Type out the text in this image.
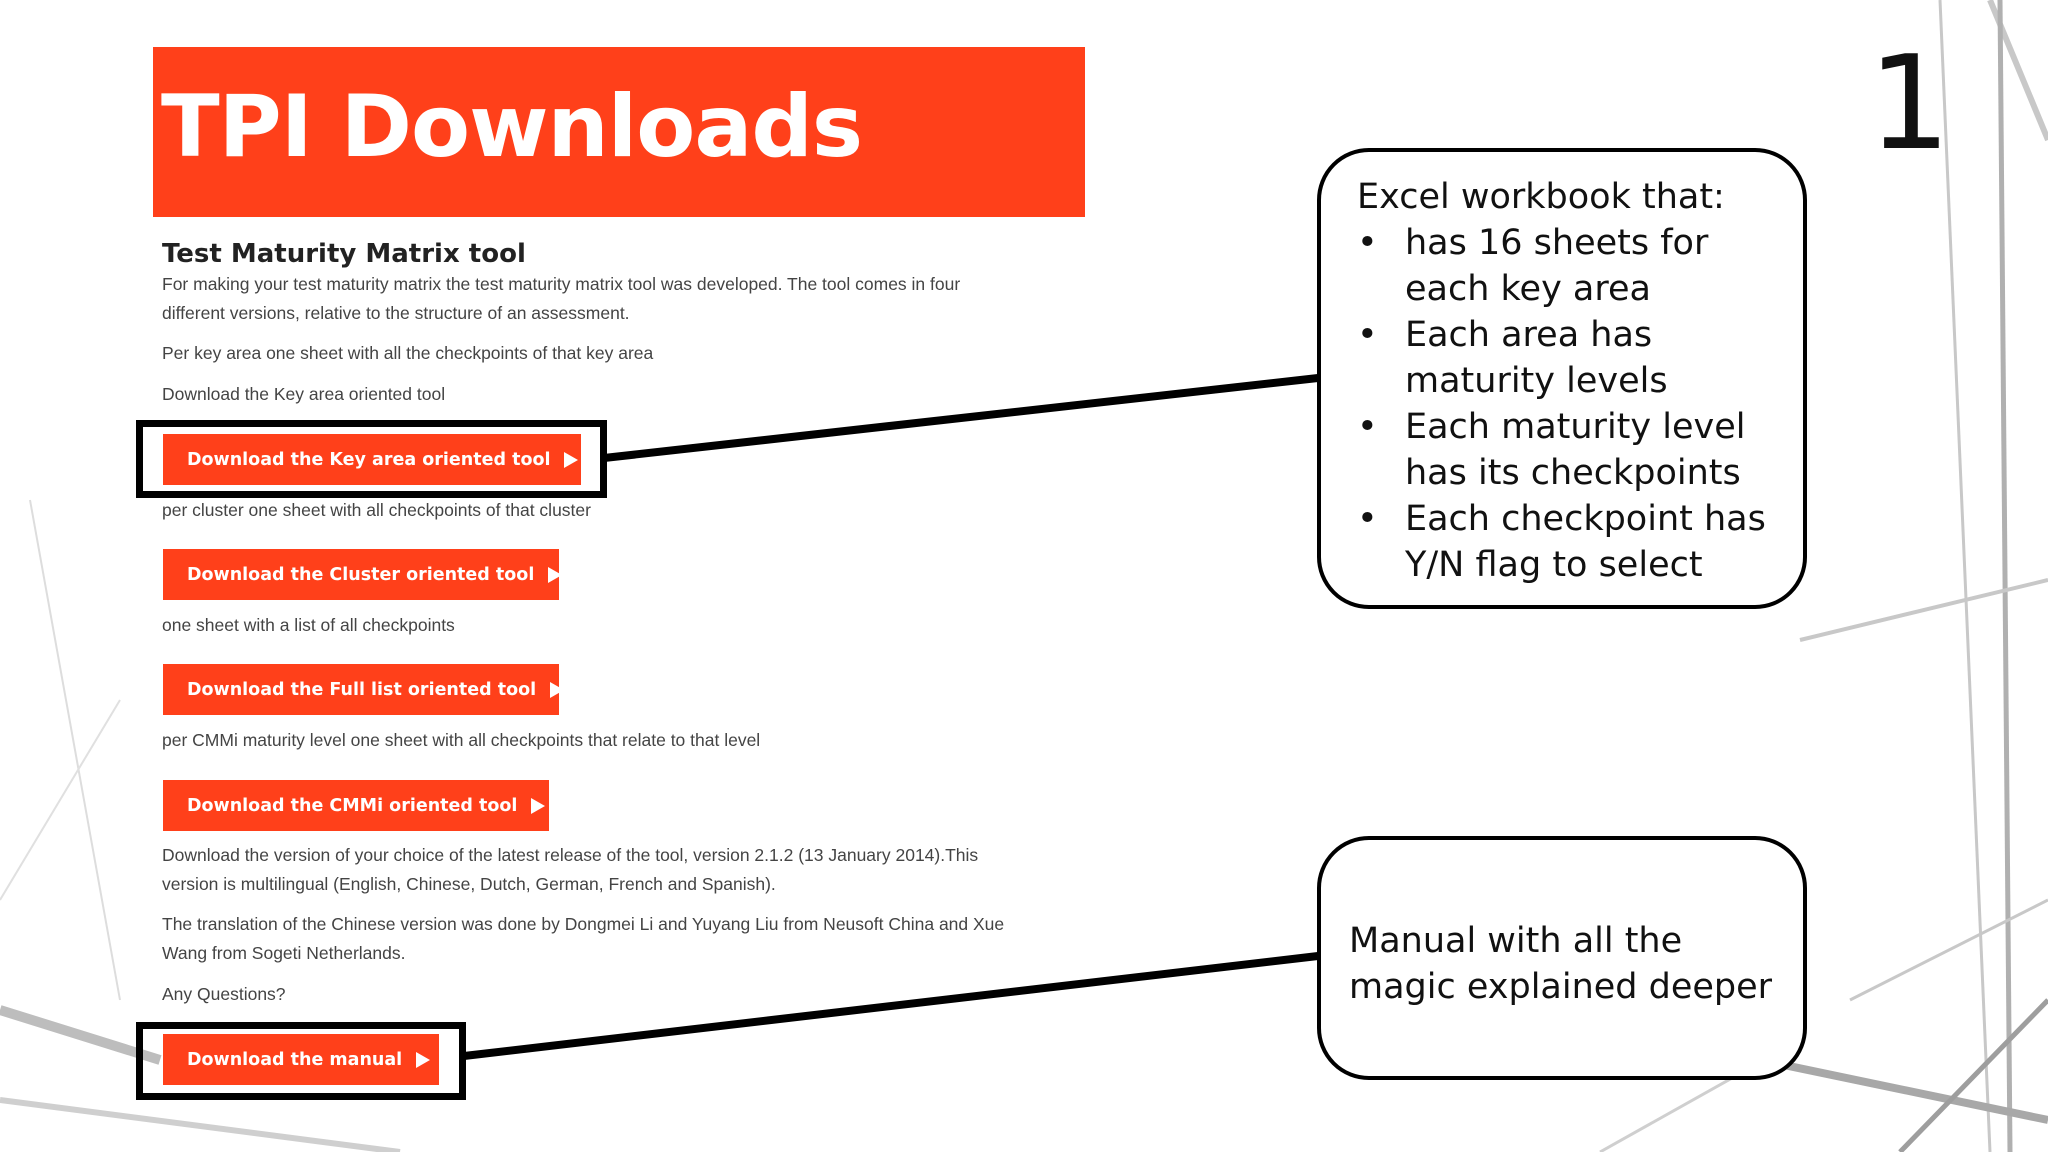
TPI Downloads	1
Test Maturity Matrix tool
For making your test maturity matrix the test maturity matrix tool was developed. The tool comes in four
different versions, relative to the structure of an assessment.
Per key area one sheet with all the checkpoints of that key area
Download the Key area oriented tool
Download the Key area oriented tool
per cluster one sheet with all checkpoints of that cluster
Download the Cluster oriented tool
one sheet with a list of all checkpoints
Download the Full list oriented tool
per CMMi maturity level one sheet with all checkpoints that relate to that level
Download the CMMi oriented tool
Download the version of your choice of the latest release of the tool, version 2.1.2 (13 January 2014).This
version is multilingual (English, Chinese, Dutch, German, French and Spanish).
The translation of the Chinese version was done by Dongmei Li and Yuyang Liu from Neusoft China and Xue
Wang from Sogeti Netherlands.
Any Questions?
Download the manual
Excel workbook that:
• has 16 sheets for each key area
• Each area has maturity levels
• Each maturity level has its checkpoints
• Each checkpoint has Y/N flag to select
Manual with all the magic explained deeper
